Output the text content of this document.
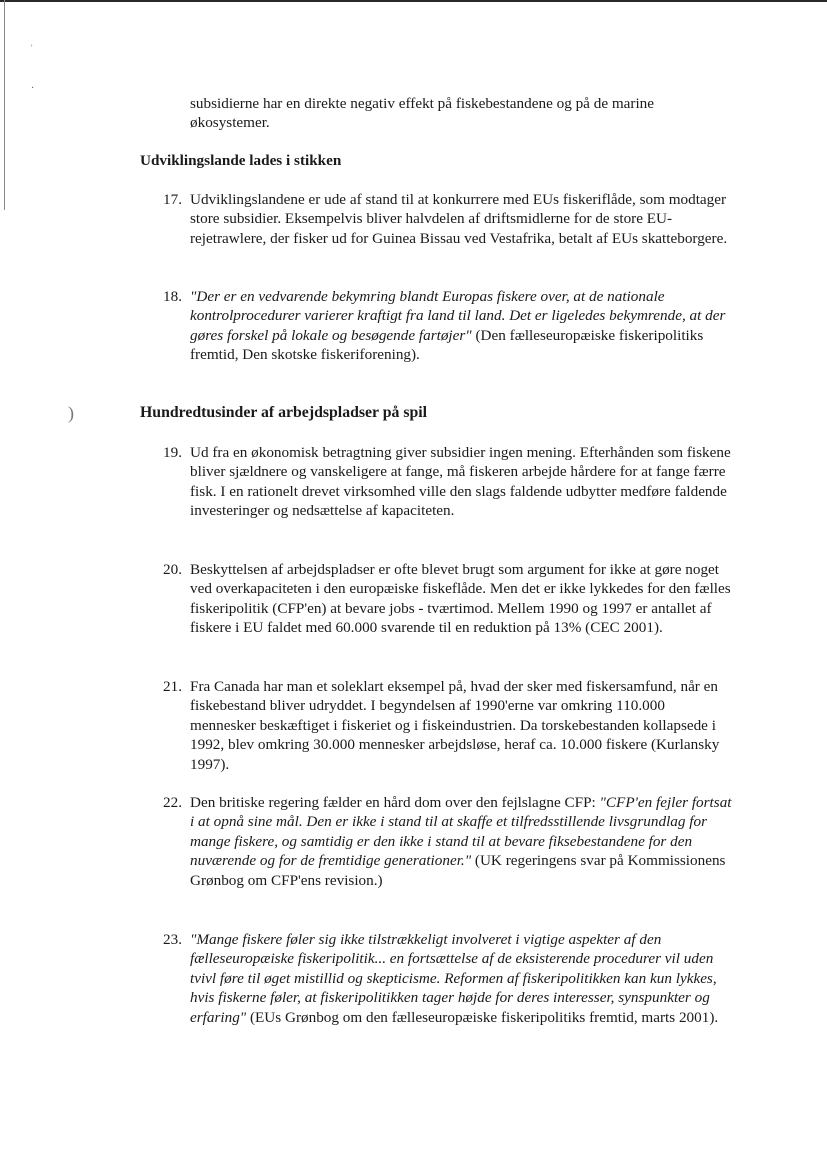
˒
·
)

subsidierne har en direkte negativ effekt på fiskebestandene og på de marine økosystemer.

Udviklingslande lades i stikken
17. Udviklingslandene er ude af stand til at konkurrere med EUs fiskeriflåde, som modtager store subsidier. Eksempelvis bliver halvdelen af driftsmidlerne for de store EU-rejetrawlere, der fisker ud for Guinea Bissau ved Vestafrika, betalt af EUs skatteborgere.
18. "Der er en vedvarende bekymring blandt Europas fiskere over, at de nationale kontrolprocedurer varierer kraftigt fra land til land. Det er ligeledes bekymrende, at der gøres forskel på lokale og besøgende fartøjer" (Den fælleseuropæiske fiskeripolitiks fremtid, Den skotske fiskeriforening).
Hundredtusinder af arbejdspladser på spil
19. Ud fra en økonomisk betragtning giver subsidier ingen mening. Efterhånden som fiskene bliver sjældnere og vanskeligere at fange, må fiskeren arbejde hårdere for at fange færre fisk. I en rationelt drevet virksomhed ville den slags faldende udbytter medføre faldende investeringer og nedsættelse af kapaciteten.
20. Beskyttelsen af arbejdspladser er ofte blevet brugt som argument for ikke at gøre noget ved overkapaciteten i den europæiske fiskeflåde. Men det er ikke lykkedes for den fælles fiskeripolitik (CFP'en) at bevare jobs - tværtimod. Mellem 1990 og 1997 er antallet af fiskere i EU faldet med 60.000 svarende til en reduktion på 13% (CEC 2001).
21. Fra Canada har man et soleklart eksempel på, hvad der sker med fiskersamfund, når en fiskebestand bliver udryddet. I begyndelsen af 1990'erne var omkring 110.000 mennesker beskæftiget i fiskeriet og i fiskeindustrien. Da torskebestanden kollapsede i 1992, blev omkring 30.000 mennesker arbejdsløse, heraf ca. 10.000 fiskere (Kurlansky 1997).
22. Den britiske regering fælder en hård dom over den fejlslagne CFP: "CFP'en fejler fortsat i at opnå sine mål. Den er ikke i stand til at skaffe et tilfredsstillende livsgrundlag for mange fiskere, og samtidig er den ikke i stand til at bevare fiksebestandene for den nuværende og for de fremtidige generationer." (UK regeringens svar på Kommissionens Grønbog om CFP'ens revision.)
23. "Mange fiskere føler sig ikke tilstrækkeligt involveret i vigtige aspekter af den fælleseuropæiske fiskeripolitik... en fortsættelse af de eksisterende procedurer vil uden tvivl føre til øget mistillid og skepticisme. Reformen af fiskeripolitikken kan kun lykkes, hvis fiskerne føler, at fiskeripolitikken tager højde for deres interesser, synspunkter og erfaring" (EUs Grønbog om den fælleseuropæiske fiskeripolitiks fremtid, marts 2001).
